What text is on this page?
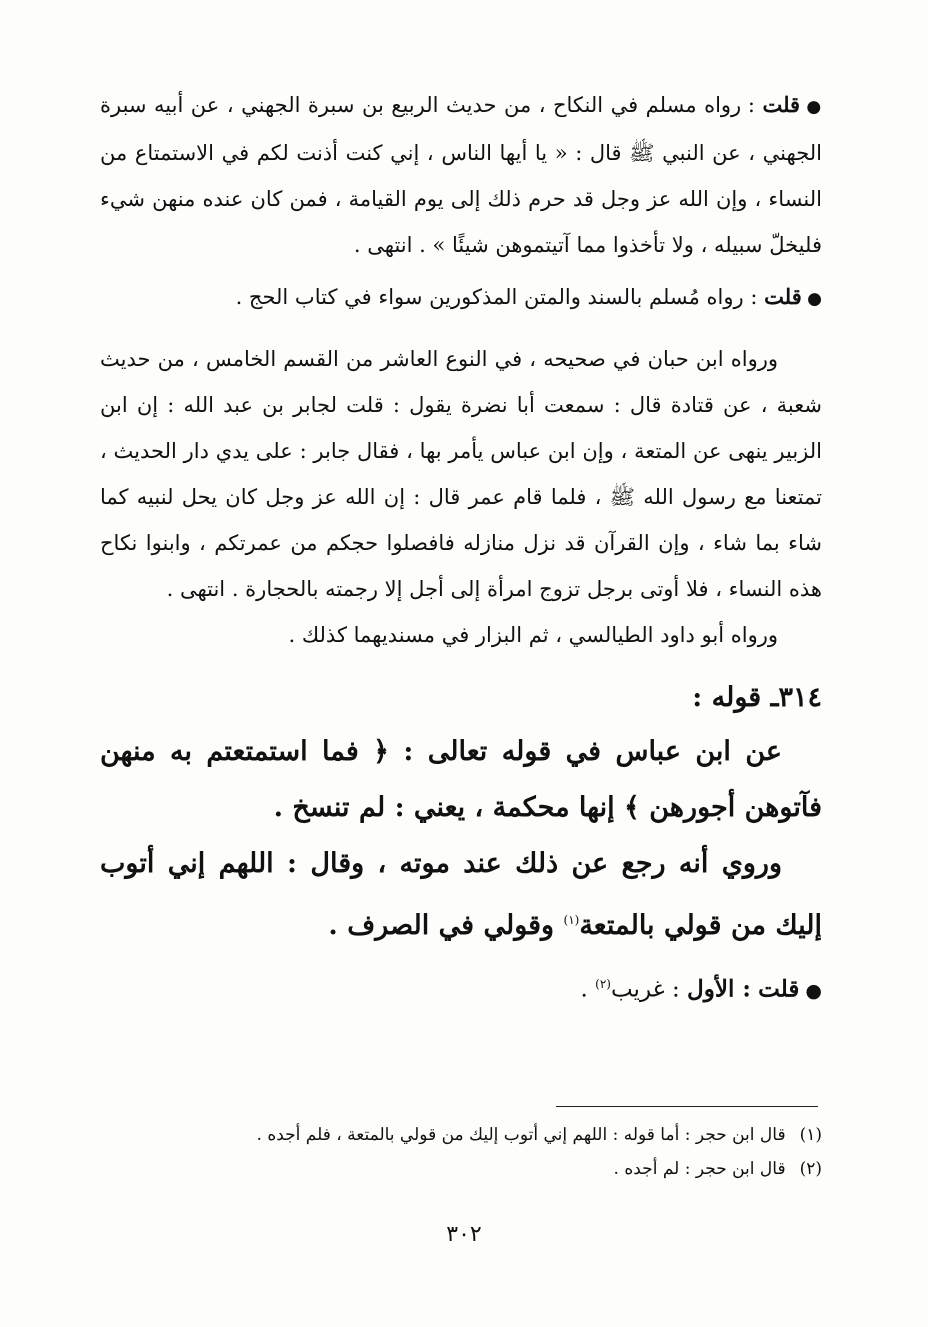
● قلت : رواه مسلم في النكاح ، من حديث الربيع بن سبرة الجهني ، عن أبيه سبرة الجهني ، عن النبي ﷺ قال : « يا أيها الناس ، إني كنت أذنت لكم في الاستمتاع من النساء ، وإن الله عز وجل قد حرم ذلك إلى يوم القيامة ، فمن كان عنده منهن شيء فليخلّ سبيله ، ولا تأخذوا مما آتيتموهن شيئًا » . انتهى .

● قلت : رواه مُسلم بالسند والمتن المذكورين سواء في كتاب الحج .

ورواه ابن حبان في صحيحه ، في النوع العاشر من القسم الخامس ، من حديث شعبة ، عن قتادة قال : سمعت أبا نضرة يقول : قلت لجابر بن عبد الله : إن ابن الزبير ينهى عن المتعة ، وإن ابن عباس يأمر بها ، فقال جابر : على يدي دار الحديث ، تمتعنا مع رسول الله ﷺ ، فلما قام عمر قال : إن الله عز وجل كان يحل لنبيه كما شاء بما شاء ، وإن القرآن قد نزل منازله فافصلوا حجكم من عمرتكم ، وابنوا نكاح هذه النساء ، فلا أوتى برجل تزوج امرأة إلى أجل إلا رجمته بالحجارة . انتهى .

ورواه أبو داود الطيالسي ، ثم البزار في مسنديهما كذلك .

٣١٤ـ قوله :

عن ابن عباس في قوله تعالى : ﴿ فما استمتعتم به منهن فآتوهن أجورهن ﴾ إنها محكمة ، يعني : لم تنسخ .

وروي أنه رجع عن ذلك عند موته ، وقال : اللهم إني أتوب إليك من قولي بالمتعة$^{(١)}$ وقولي في الصرف .

● قلت : الأول : غريب$^{(٢)}$ .

(١)قال ابن حجر : أما قوله : اللهم إني أتوب إليك من قولي بالمتعة ، فلم أجده .

(٢)قال ابن حجر : لم أجده .

٣٠٢
